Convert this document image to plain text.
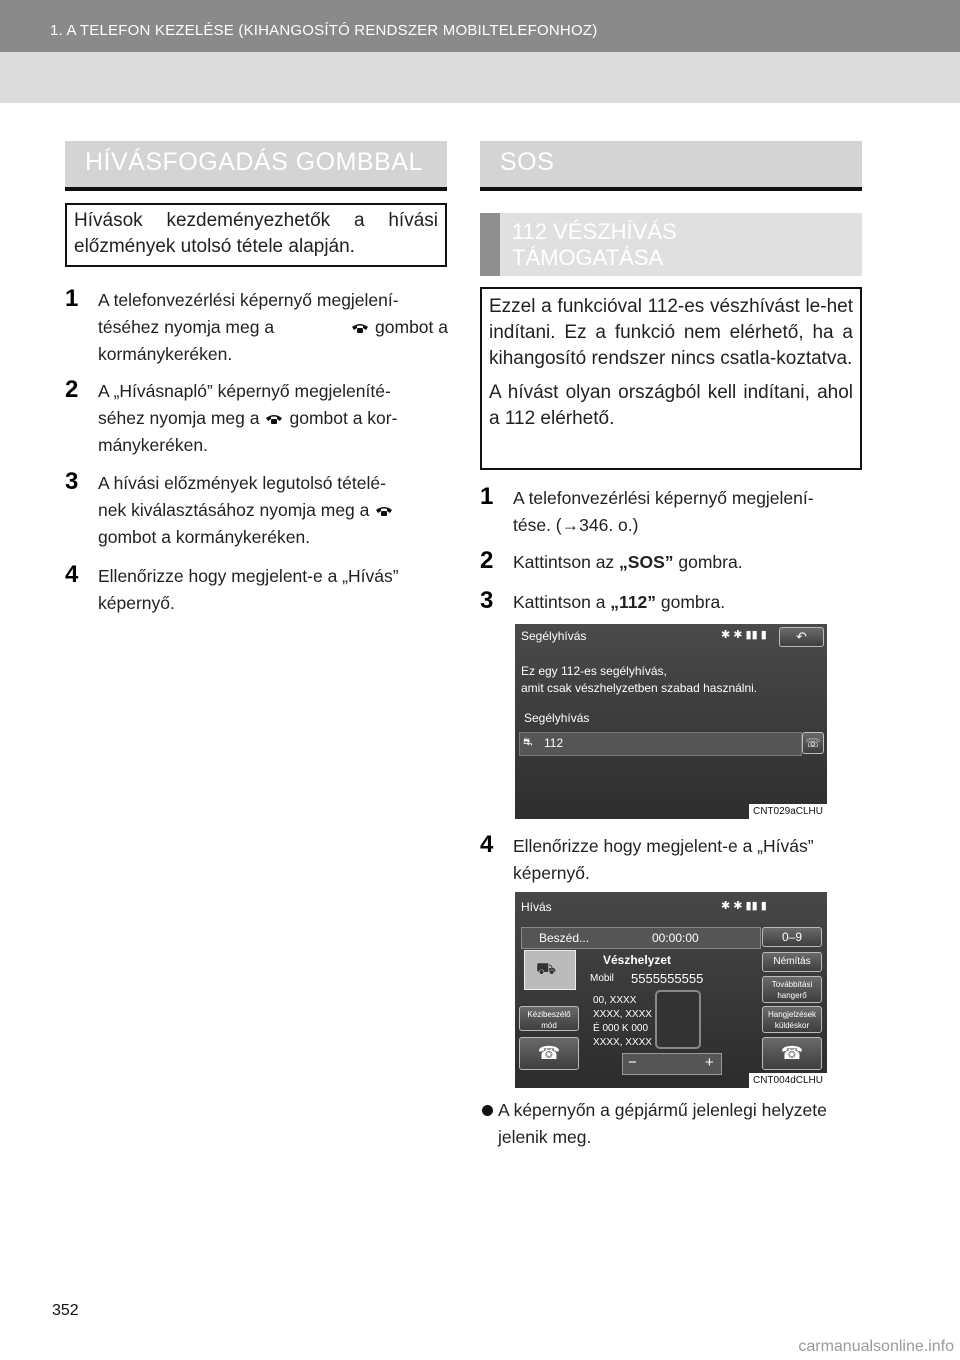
1. A TELEFON KEZELÉSE (KIHANGOSÍTÓ RENDSZER MOBILTELEFONHOZ)
HÍVÁSFOGADÁS GOMBBAL

Hívások kezdeményezhetők a hívási előzmények utolsó tétele alapján.

1 A telefonvezérlési képernyő megjelení-
téséhez nyomja meg a	gombot a
kormánykeréken.
2 A „Hívásnapló” képernyő megjeleníté-
séhez nyomja meg a gombot a kor-
mánykeréken.
3 A hívási előzmények legutolsó tételé-
nek kiválasztásához nyomja meg a
gombot a kormánykeréken.
4 Ellenőrizze hogy megjelent-e a „Hívás”
képernyő.
SOS
112 VÉSZHÍVÁS
TÁMOGATÁSA

Ezzel a funkcióval 112-es vészhívást le-het indítani. Ez a funkció nem elérhető, ha a kihangosító rendszer nincs csatla-koztatva.

A hívást olyan országból kell indítani, ahol a 112 elérhető.

1 A telefonvezérlési képernyő megjelení-
tése. (→346. o.)
2 Kattintson az „SOS” gombra.
3 Kattintson a „112” gombra.
Segélyhívás	✱ ✱ ▮▮ ▮	↶
Ez egy 112-es segélyhívás,
amit csak vészhelyzetben szabad használni.
Segélyhívás
⛐ 112	☏
CNT029aCLHU
4 Ellenőrizze hogy megjelent-e a „Hívás”
képernyő.
Hívás	✱ ✱ ▮▮ ▮
Beszéd...	00:00:00
⛟
Vészhelyzet
Mobil 5555555555
00, XXXX
XXXX, XXXX
É 000 K 000
XXXX, XXXX
Kézibeszélő
mód
☎	−	+
0–9
Némítás
Továbbítási
hangerő
Hangjelzések
küldéskor
☎
CNT004dCLHU
A képernyőn a gépjármű jelenlegi helyzete
jelenik meg.
352
carmanualsonline.info
